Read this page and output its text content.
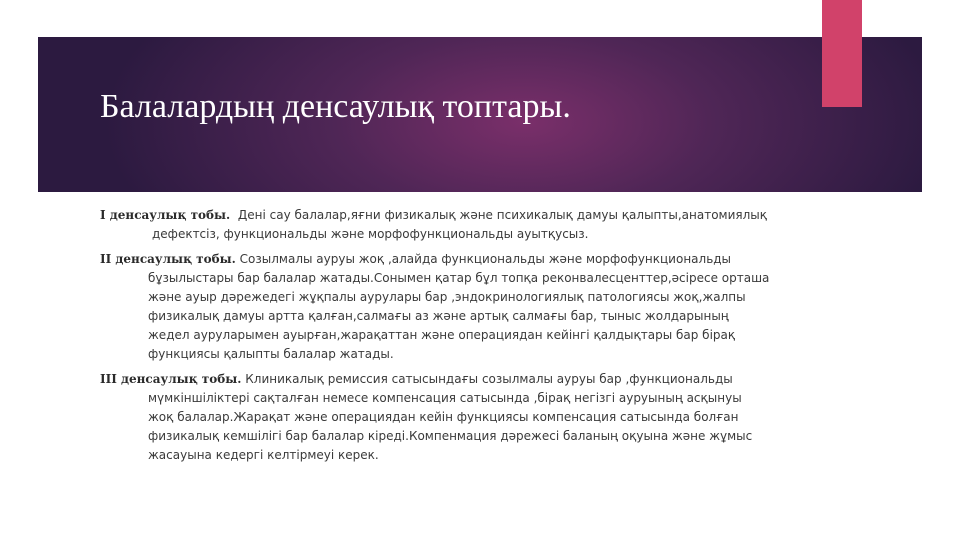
Балалардың денсаулық топтары.
I денсаулық тобы. Дені сау балалар,яғни физикалық және психикалық дамуы қалыпты,анатомиялық
дефектсіз, функциональды және морфофункциональды ауытқусыз.
II денсаулық тобы. Созылмалы ауруы жоқ ,алайда функциональды және морфофункциональды
бұзылыстары бар балалар жатады.Сонымен қатар бұл топқа реконвалесценттер,әсіресе орташа
және ауыр дәрежедегі жұқпалы аурулары бар ,эндокринологиялық патологиясы жоқ,жалпы
физикалық дамуы артта қалған,салмағы аз және артық салмағы бар, тыныс жолдарының
жедел ауруларымен ауырған,жарақаттан және операциядан кейінгі қалдықтары бар бірақ
функциясы қалыпты балалар жатады.
III денсаулық тобы. Клиникалық ремиссия сатысындағы созылмалы ауруы бар ,функциональды
мүмкіншіліктері сақталған немесе компенсация сатысында ,бірақ негізгі ауруының асқынуы
жоқ балалар.Жарақат және операциядан кейін функциясы компенсация сатысында болған
физикалық кемшілігі бар балалар кіреді.Компенмация дәрежесі баланың оқуына және жұмыс
жасауына кедергі келтірмеуі керек.
